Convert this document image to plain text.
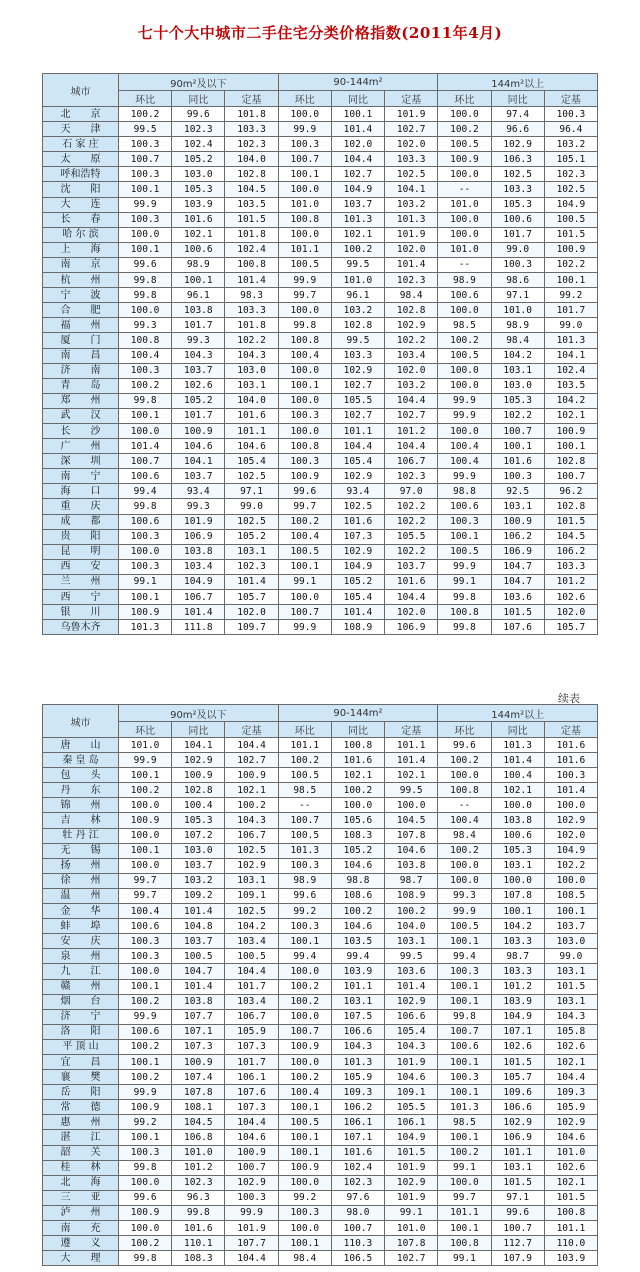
七十个大中城市二手住宅分类价格指数(2011年4月)
城市	90m²及以下			90-144m²			144m²以上		
	环比	同比	定基	环比	同比	定基	环比	同比	定基
北　　京	100.2	99.6	101.8	100.0	100.1	101.9	100.0	97.4	100.3
天　　津	99.5	102.3	103.3	99.9	101.4	102.7	100.2	96.6	96.4
石 家 庄	100.3	102.4	102.3	100.3	102.0	102.0	100.5	102.9	103.2
太　　原	100.7	105.2	104.0	100.7	104.4	103.3	100.9	106.3	105.1
呼和浩特	100.3	103.0	102.8	100.1	102.7	102.5	100.0	102.5	102.3
沈　　阳	100.1	105.3	104.5	100.0	104.9	104.1	--	103.3	102.5
大　　连	99.9	103.9	103.5	101.0	103.7	103.2	101.0	105.3	104.9
长　　春	100.3	101.6	101.5	100.8	101.3	101.3	100.0	100.6	100.5
哈 尔 滨	100.0	102.1	101.8	100.0	102.1	101.9	100.0	101.7	101.5
上　　海	100.1	100.6	102.4	101.1	100.2	102.0	101.0	99.0	100.9
南　　京	99.6	98.9	100.8	100.5	99.5	101.4	--	100.3	102.2
杭　　州	99.8	100.1	101.4	99.9	101.0	102.3	98.9	98.6	100.1
宁　　波	99.8	96.1	98.3	99.7	96.1	98.4	100.6	97.1	99.2
合　　肥	100.0	103.8	103.3	100.0	103.2	102.8	100.0	101.0	101.7
福　　州	99.3	101.7	101.8	99.8	102.8	102.9	98.5	98.9	99.0
厦　　门	100.8	99.3	102.2	100.8	99.5	102.2	100.2	98.4	101.3
南　　昌	100.4	104.3	104.3	100.4	103.3	103.4	100.5	104.2	104.1
济　　南	100.3	103.7	103.0	100.0	102.9	102.0	100.0	103.1	102.4
青　　岛	100.2	102.6	103.1	100.1	102.7	103.2	100.0	103.0	103.5
郑　　州	99.8	105.2	104.0	100.0	105.5	104.4	99.9	105.3	104.2
武　　汉	100.1	101.7	101.6	100.3	102.7	102.7	99.9	102.2	102.1
长　　沙	100.0	100.9	101.1	100.0	101.1	101.2	100.0	100.7	100.9
广　　州	101.4	104.6	104.6	100.8	104.4	104.4	100.4	100.1	100.1
深　　圳	100.7	104.1	105.4	100.3	105.4	106.7	100.4	101.6	102.8
南　　宁	100.6	103.7	102.5	100.9	102.9	102.3	99.9	100.3	100.7
海　　口	99.4	93.4	97.1	99.6	93.4	97.0	98.8	92.5	96.2
重　　庆	99.8	99.3	99.0	99.7	102.5	102.2	100.6	103.1	102.8
成　　都	100.6	101.9	102.5	100.2	101.6	102.2	100.3	100.9	101.5
贵　　阳	100.3	106.9	105.2	100.4	107.3	105.5	100.1	106.2	104.5
昆　　明	100.0	103.8	103.1	100.5	102.9	102.2	100.5	106.9	106.2
西　　安	100.3	103.4	102.3	100.1	104.9	103.7	99.9	104.7	103.3
兰　　州	99.1	104.9	101.4	99.1	105.2	101.6	99.1	104.7	101.2
西　　宁	100.1	106.7	105.7	100.0	105.4	104.4	99.8	103.6	102.6
银　　川	100.9	101.4	102.0	100.7	101.4	102.0	100.8	101.5	102.0
乌鲁木齐	101.3	111.8	109.7	99.9	108.9	106.9	99.8	107.6	105.7
续表
城市	90m²及以下			90-144m²			144m²以上		
	环比	同比	定基	环比	同比	定基	环比	同比	定基
唐　　山	101.0	104.1	104.4	101.1	100.8	101.1	99.6	101.3	101.6
秦 皇 岛	99.9	102.9	102.7	100.2	101.6	101.4	100.2	101.4	101.6
包　　头	100.1	100.9	100.9	100.5	102.1	102.1	100.0	100.4	100.3
丹　　东	100.2	102.8	102.1	98.5	100.2	99.5	100.8	102.1	101.4
锦　　州	100.0	100.4	100.2	--	100.0	100.0	--	100.0	100.0
吉　　林	100.9	105.3	104.3	100.7	105.6	104.5	100.4	103.8	102.9
牡 丹 江	100.0	107.2	106.7	100.5	108.3	107.8	98.4	100.6	102.0
无　　锡	100.1	103.0	102.5	101.3	105.2	104.6	100.2	105.3	104.9
扬　　州	100.0	103.7	102.9	100.3	104.6	103.8	100.0	103.1	102.2
徐　　州	99.7	103.2	103.1	98.9	98.8	98.7	100.0	100.0	100.0
温　　州	99.7	109.2	109.1	99.6	108.6	108.9	99.3	107.8	108.5
金　　华	100.4	101.4	102.5	99.2	100.2	100.2	99.9	100.1	100.1
蚌　　埠	100.6	104.8	104.2	100.3	104.6	104.0	100.5	104.2	103.7
安　　庆	100.3	103.7	103.4	100.1	103.5	103.1	100.1	103.3	103.0
泉　　州	100.3	100.5	100.5	99.4	99.4	99.5	99.4	98.7	99.0
九　　江	100.0	104.7	104.4	100.0	103.9	103.6	100.3	103.3	103.1
赣　　州	100.1	101.4	101.7	100.2	101.1	101.4	100.1	101.2	101.5
烟　　台	100.2	103.8	103.4	100.2	103.1	102.9	100.1	103.9	103.1
济　　宁	99.9	107.7	106.7	100.0	107.5	106.6	99.8	104.9	104.3
洛　　阳	100.6	107.1	105.9	100.7	106.6	105.4	100.7	107.1	105.8
平 顶 山	100.2	107.3	107.3	100.9	104.3	104.3	100.6	102.6	102.6
宜　　昌	100.1	100.9	101.7	100.0	101.3	101.9	100.1	101.5	102.1
襄　　樊	100.2	107.4	106.1	100.2	105.9	104.6	100.3	105.7	104.4
岳　　阳	99.9	107.8	107.6	100.4	109.3	109.1	100.1	109.6	109.3
常　　德	100.9	108.1	107.3	100.1	106.2	105.5	101.3	106.6	105.9
惠　　州	99.2	104.5	104.4	100.5	106.1	106.1	98.5	102.9	102.9
湛　　江	100.1	106.8	104.6	100.1	107.1	104.9	100.1	106.9	104.6
韶　　关	100.3	101.0	100.9	100.1	101.6	101.5	100.2	101.1	101.0
桂　　林	99.8	101.2	100.7	100.9	102.4	101.9	99.1	103.1	102.6
北　　海	100.0	102.3	102.9	100.0	102.3	102.9	100.0	101.5	102.1
三　　亚	99.6	96.3	100.3	99.2	97.6	101.9	99.7	97.1	101.5
泸　　州	100.9	99.8	99.9	100.3	98.0	99.1	101.1	99.6	100.8
南　　充	100.0	101.6	101.9	100.0	100.7	101.0	100.1	100.7	101.1
遵　　义	100.2	110.1	107.7	100.1	110.3	107.8	100.8	112.7	110.0
大　　理	99.8	108.3	104.4	98.4	106.5	102.7	99.1	107.9	103.9
